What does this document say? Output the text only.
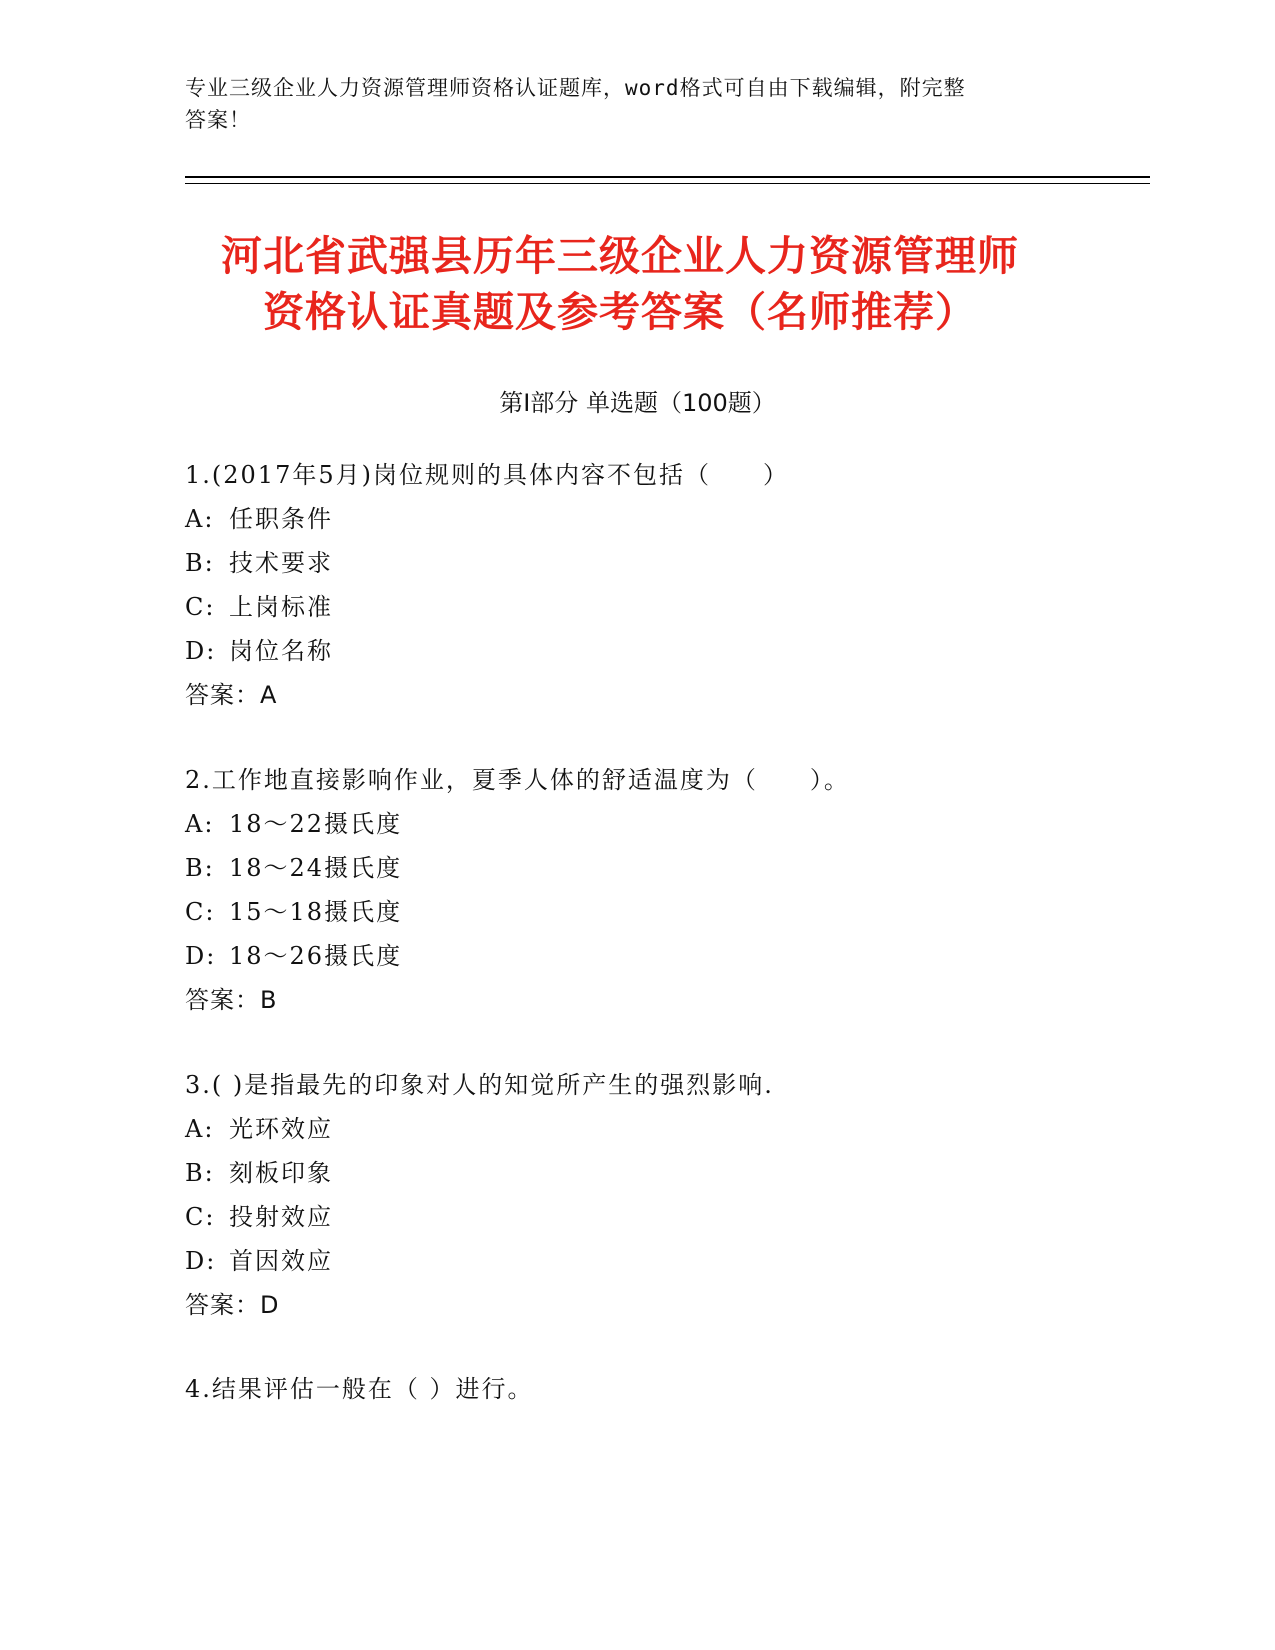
专业三级企业人力资源管理师资格认证题库，word格式可自由下载编辑，附完整
答案！
河北省武强县历年三级企业人力资源管理师
资格认证真题及参考答案（名师推荐）
第Ⅰ部分 单选题（100题）
1.(2017年5月)岗位规则的具体内容不包括（　　）
A: 任职条件
B: 技术要求
C: 上岗标准
D: 岗位名称
答案：A
2.工作地直接影响作业，夏季人体的舒适温度为（　　）。
A: 18～22摄氏度
B: 18～24摄氏度
C: 15～18摄氏度
D: 18～26摄氏度
答案：B
3.( )是指最先的印象对人的知觉所产生的强烈影响.
A: 光环效应
B: 刻板印象
C: 投射效应
D: 首因效应
答案：D
4.结果评估一般在（ ）进行。
